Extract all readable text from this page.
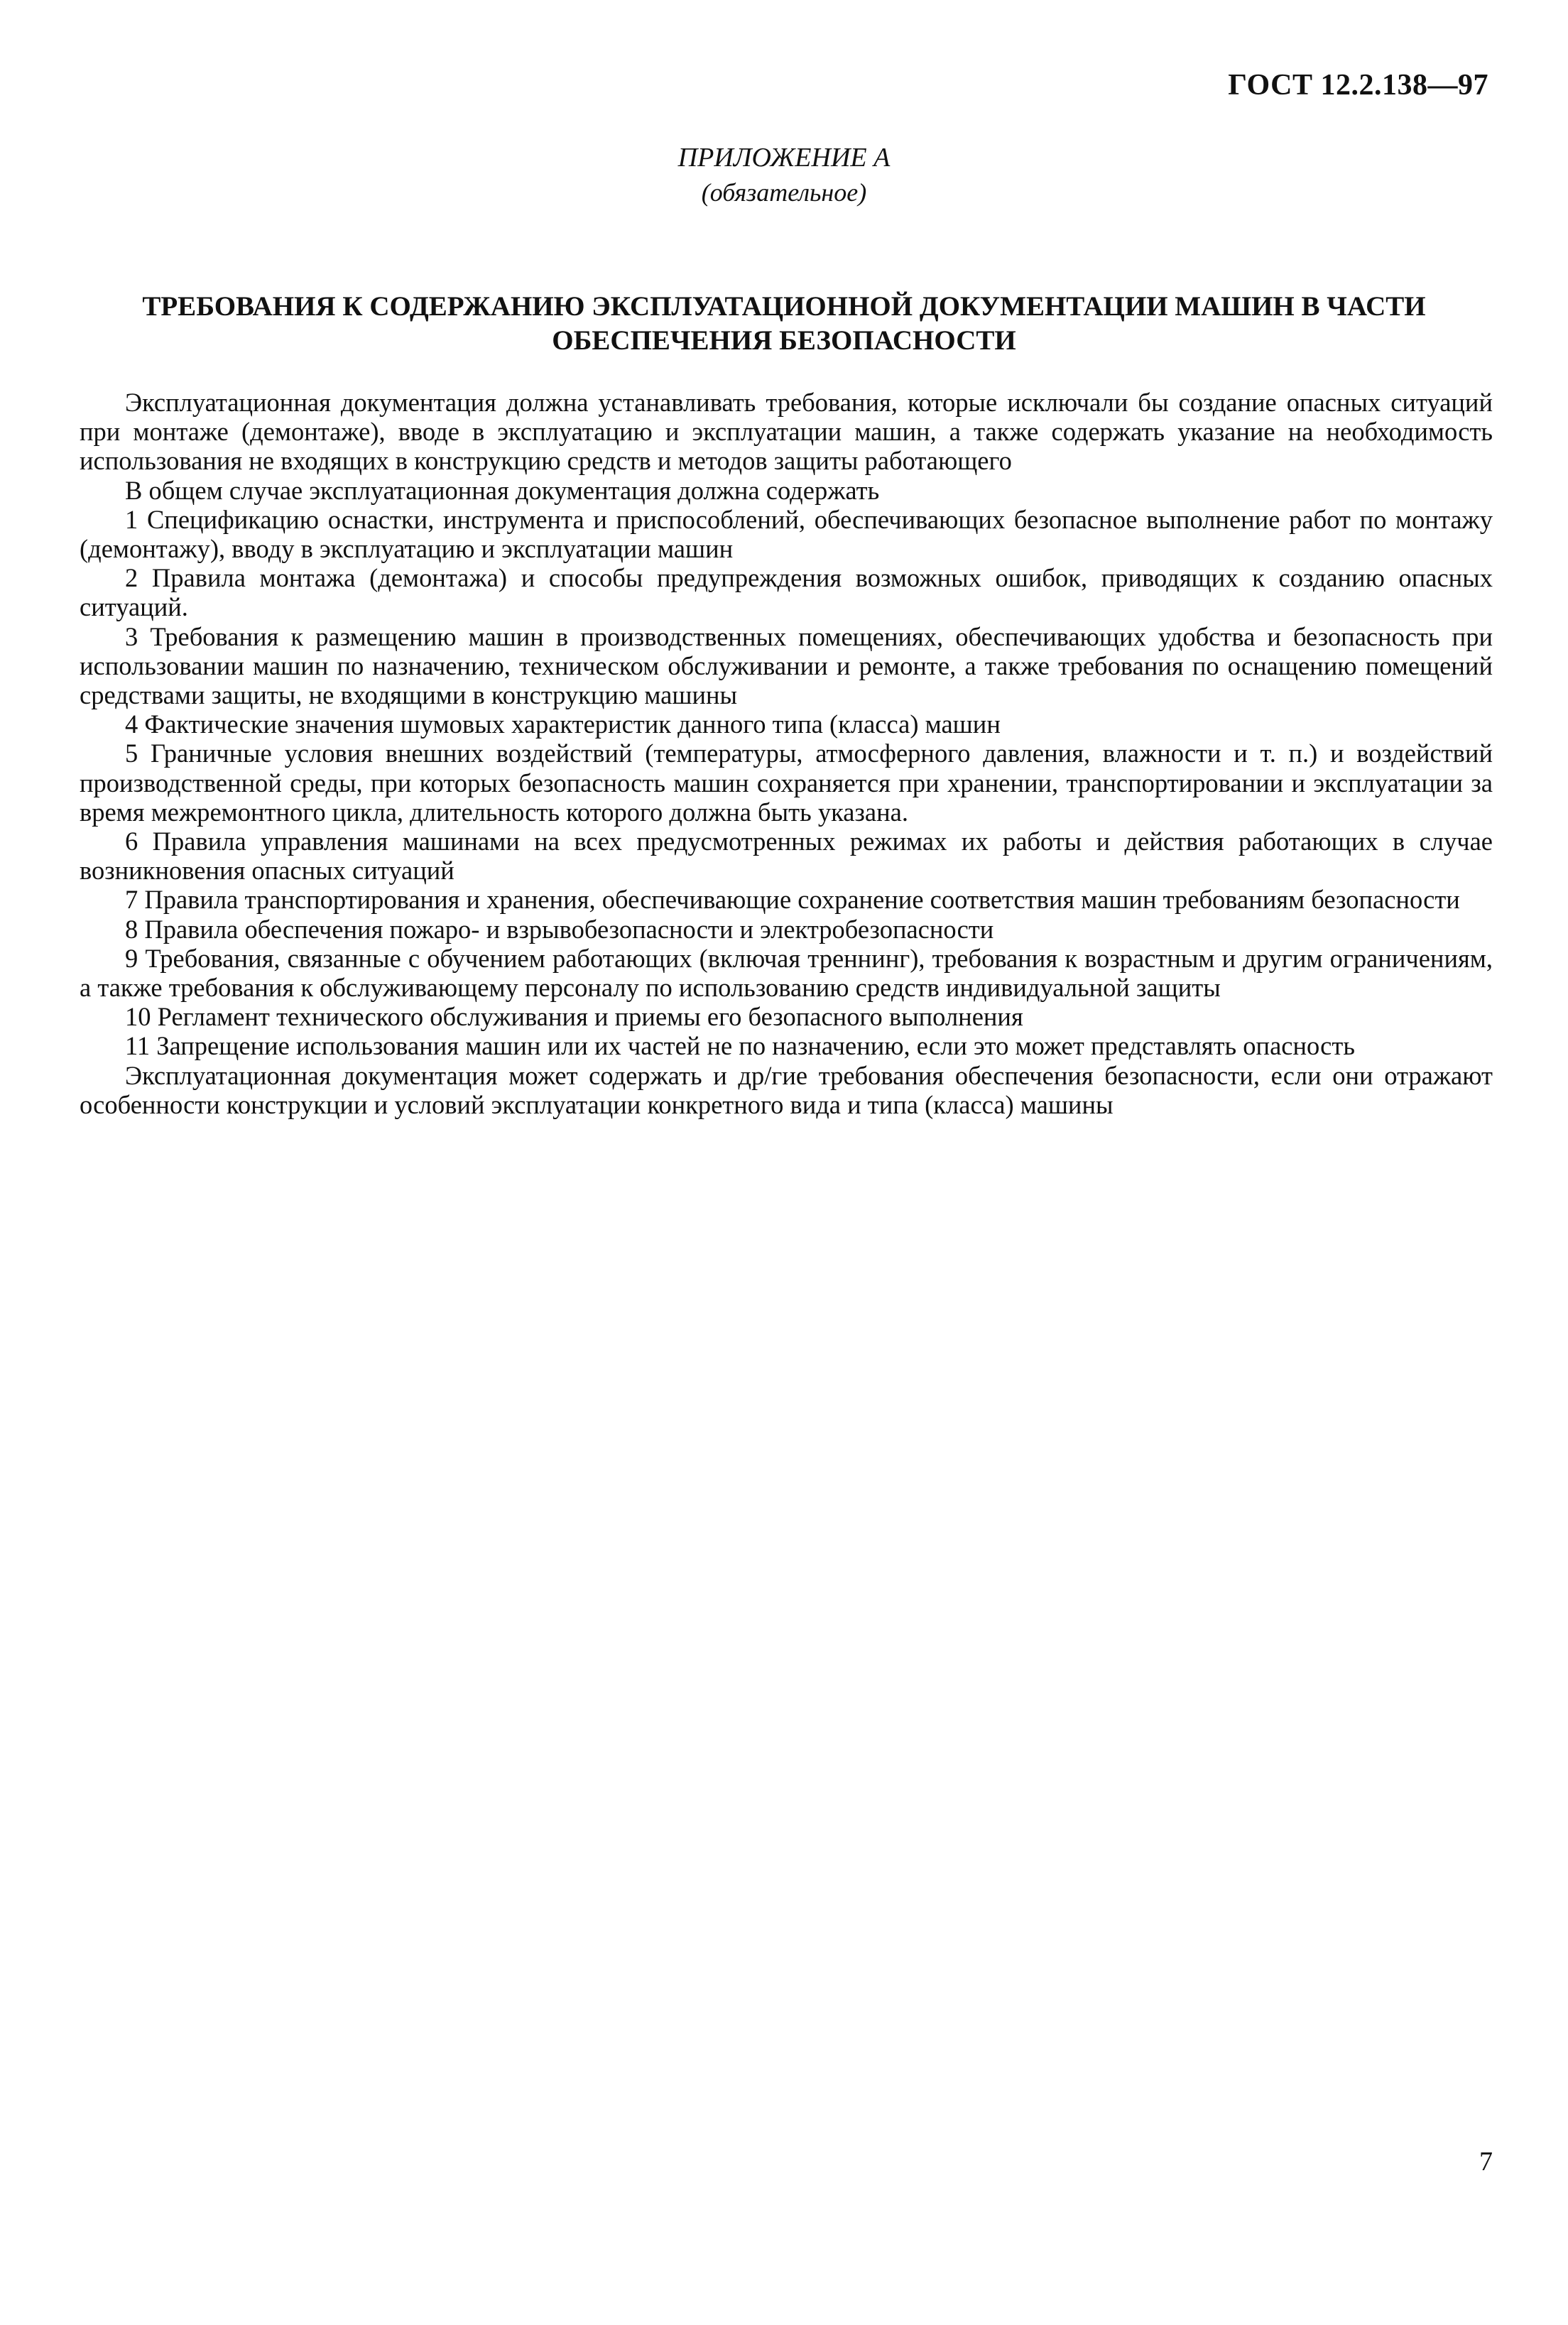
ГОСТ 12.2.138—97
ПРИЛОЖЕНИЕ А
(обязательное)
ТРЕБОВАНИЯ К СОДЕРЖАНИЮ ЭКСПЛУАТАЦИОННОЙ ДОКУМЕНТАЦИИ МАШИН В ЧАСТИ ОБЕСПЕЧЕНИЯ БЕЗОПАСНОСТИ

Эксплуатационная документация должна устанавливать требования, которые исключали бы создание опасных ситуаций при монтаже (демонтаже), вводе в эксплуатацию и эксплуатации машин, а также содержать указание на необходимость использования не входящих в конструкцию средств и методов защиты работающего

В общем случае эксплуатационная документация должна содержать

1 Спецификацию оснастки, инструмента и приспособлений, обеспечивающих безопасное выполнение работ по монтажу (демонтажу), вводу в эксплуатацию и эксплуатации машин

2 Правила монтажа (демонтажа) и способы предупреждения возможных ошибок, приводящих к созданию опасных ситуаций.

3 Требования к размещению машин в производственных помещениях, обеспечивающих удобства и безопасность при использовании машин по назначению, техническом обслуживании и ремонте, а также требования по оснащению помещений средствами защиты, не входящими в конструкцию машины

4 Фактические значения шумовых характеристик данного типа (класса) машин

5 Граничные условия внешних воздействий (температуры, атмосферного давления, влажности и т. п.) и воздействий производственной среды, при которых безопасность машин сохраняется при хранении, транспортировании и эксплуатации за время межремонтного цикла, длительность которого должна быть указана.

6 Правила управления машинами на всех предусмотренных режимах их работы и действия работающих в случае возникновения опасных ситуаций

7 Правила транспортирования и хранения, обеспечивающие сохранение соответствия машин требованиям безопасности

8 Правила обеспечения пожаро- и взрывобезопасности и электробезопасности

9 Требования, связанные с обучением работающих (включая треннинг), требования к возрастным и другим ограничениям, а также требования к обслуживающему персоналу по использованию средств индивидуальной защиты

10 Регламент технического обслуживания и приемы его безопасного выполнения

11 Запрещение использования машин или их частей не по назначению, если это может представлять опасность

Эксплуатационная документация может содержать и др/гие требования обеспечения безопасности, если они отражают особенности конструкции и условий эксплуатации конкретного вида и типа (класса) машины

7
